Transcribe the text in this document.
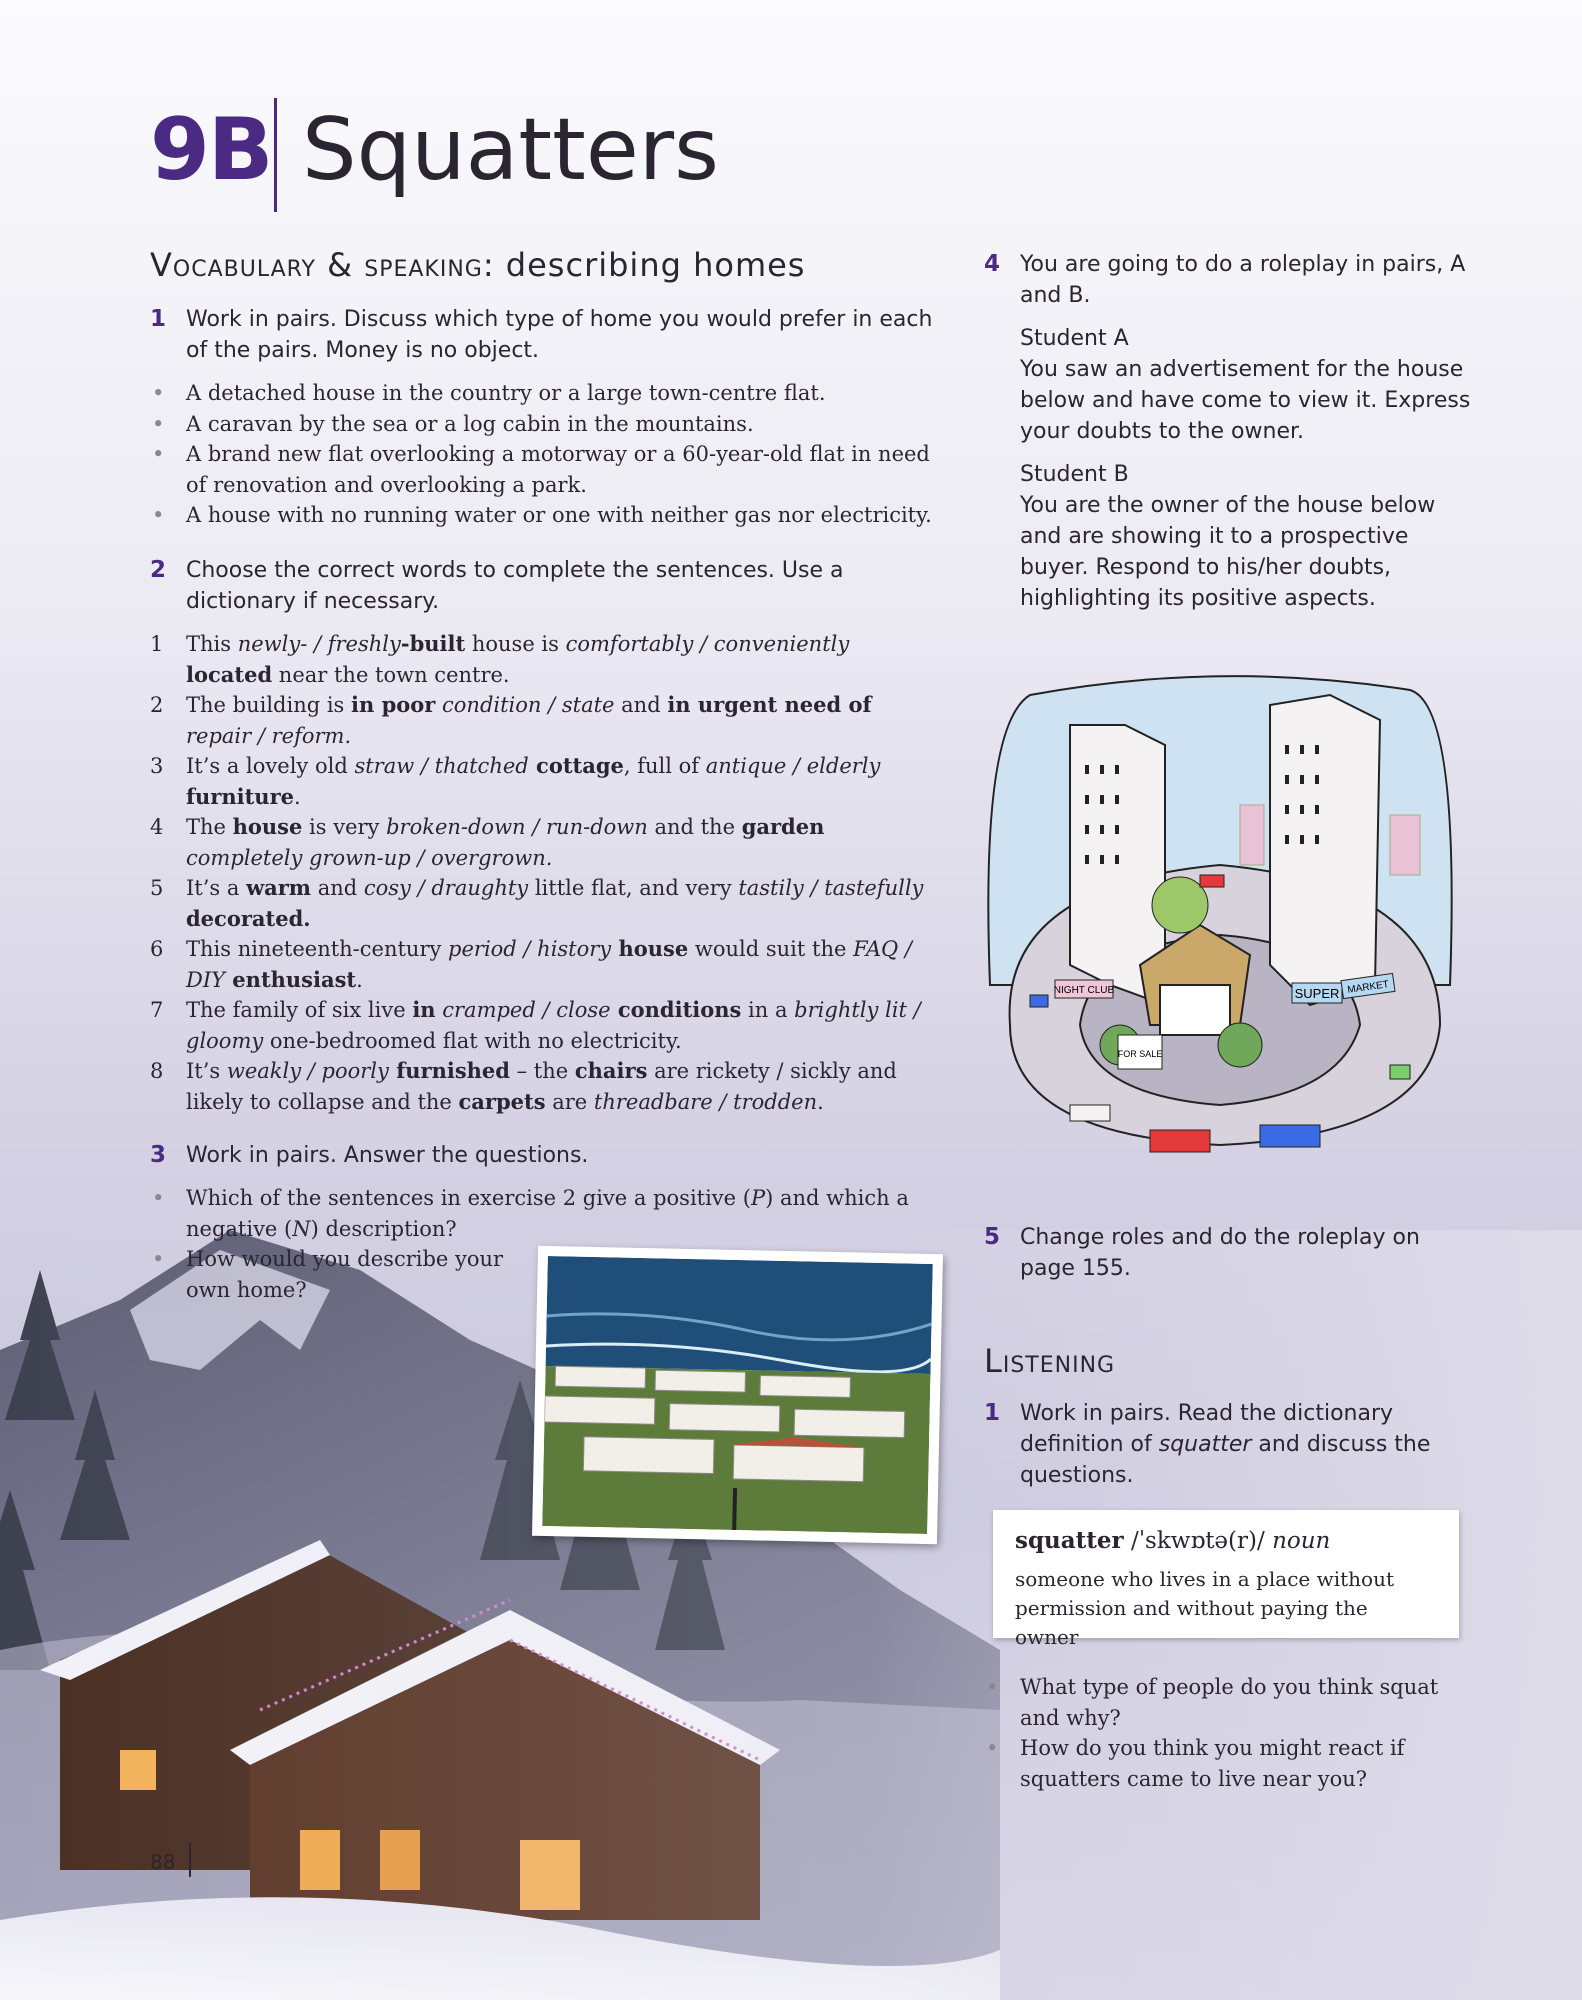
9B Squatters
Vocabulary & speaking: describing homes
1 Work in pairs. Discuss which type of home you would prefer in each of the pairs. Money is no object.
• A detached house in the country or a large town-centre flat.
• A caravan by the sea or a log cabin in the mountains.
• A brand new flat overlooking a motorway or a 60-year-old flat in need of renovation and overlooking a park.
• A house with no running water or one with neither gas nor electricity.
2 Choose the correct words to complete the sentences. Use a dictionary if necessary.
1 This newly- / freshly-built house is comfortably / conveniently located near the town centre.
2 The building is in poor condition / state and in urgent need of repair / reform.
3 It’s a lovely old straw / thatched cottage, full of antique / elderly furniture.
4 The house is very broken-down / run-down and the garden completely grown-up / overgrown.
5 It’s a warm and cosy / draughty little flat, and very tastily / tastefully decorated.
6 This nineteenth-century period / history house would suit the FAQ / DIY enthusiast.
7 The family of six live in cramped / close conditions in a brightly lit / gloomy one-bedroomed flat with no electricity.
8 It’s weakly / poorly furnished – the chairs are rickety / sickly and likely to collapse and the carpets are threadbare / trodden.
3 Work in pairs. Answer the questions.
• Which of the sentences in exercise 2 give a positive (P) and which a negative (N) description?
• How would you describe your own home?
4 You are going to do a roleplay in pairs, A and B.
Student A
You saw an advertisement for the house below and have come to view it. Express your doubts to the owner.
Student B
You are the owner of the house below and are showing it to a prospective buyer. Respond to his/her doubts, highlighting its positive aspects.
NIGHT CLUB	SUPER MARKET
FOR SALE
5 Change roles and do the roleplay on page 155.
Listening
1 Work in pairs. Read the dictionary definition of squatter and discuss the questions.
squatter /ˈskwɒtə(r)/ noun
someone who lives in a place without permission and without paying the owner
• What type of people do you think squat and why?
• How do you think you might react if squatters came to live near you?
88
